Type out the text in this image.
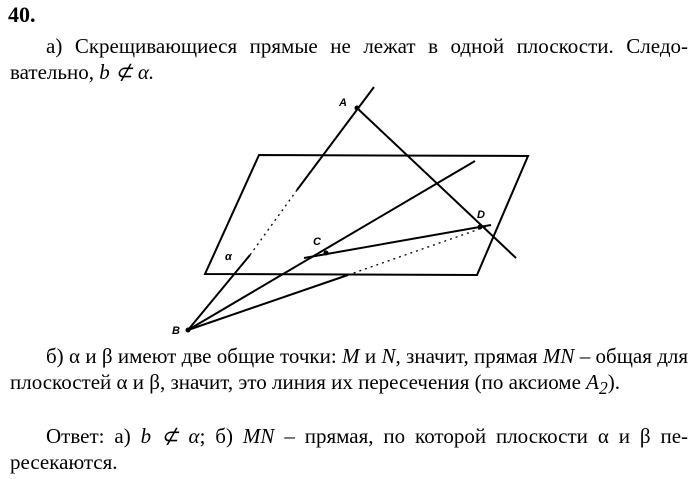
40.
а) Скрещивающиеся прямые не лежат в одной плоскости. Следо-вательно, b ⊄ α.
A
B
C
D
α
б) α и β имеют две общие точки: M и N, значит, прямая MN – общая для плоскостей α и β, значит, это линия их пересечения (по аксиоме $A_2$).
Ответ: а) b ⊄ α; б) MN – прямая, по которой плоскости α и β пе-ресекаются.
